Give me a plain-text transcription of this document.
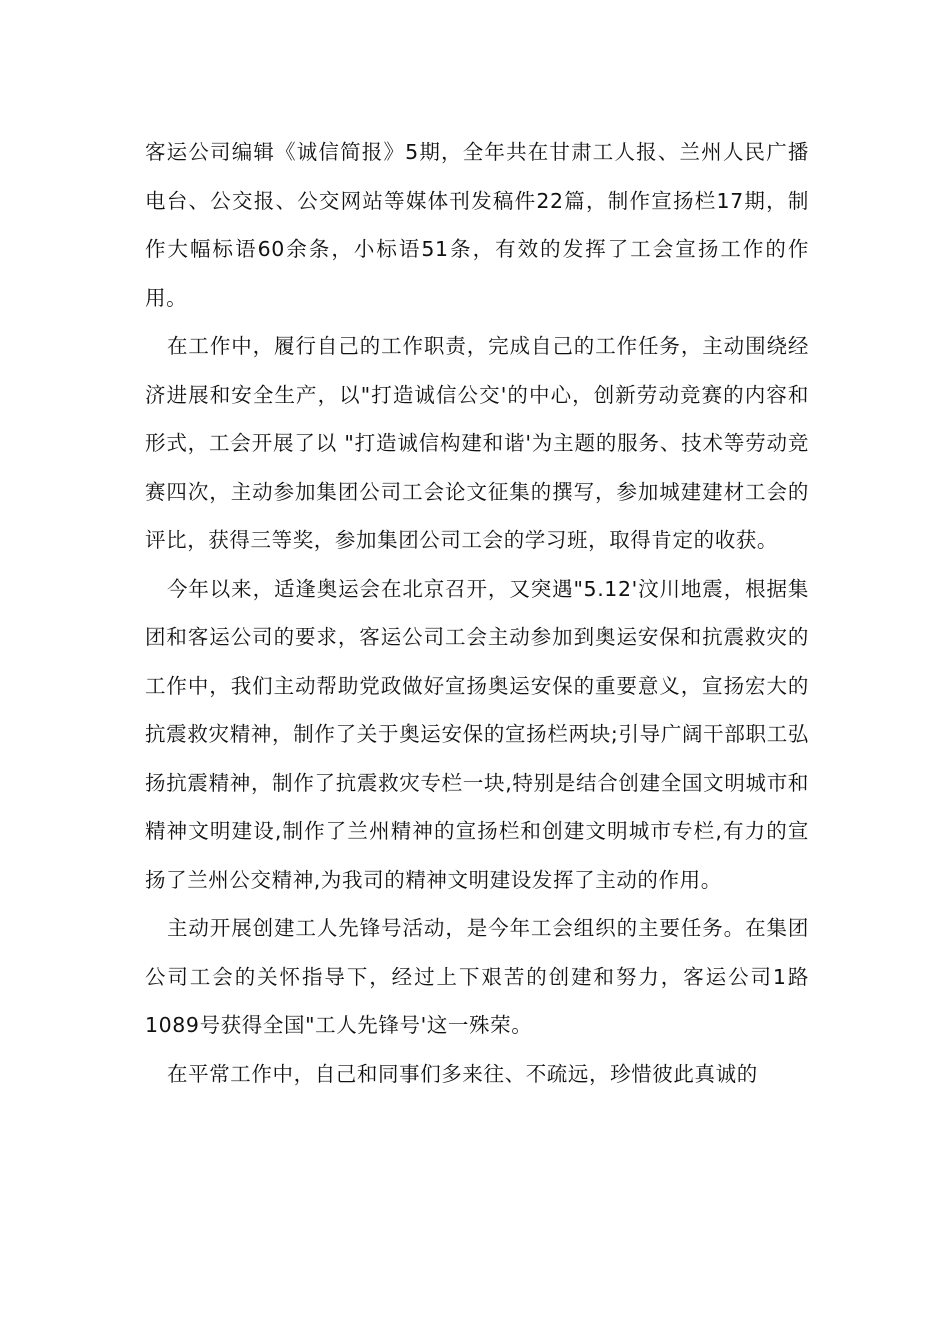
客运公司编辑《诚信简报》5期，全年共在甘肃工人报、兰州人民广播电台、公交报、公交网站等媒体刊发稿件22篇，制作宣扬栏17期，制作大幅标语60余条，小标语51条，有效的发挥了工会宣扬工作的作用。

在工作中，履行自己的工作职责，完成自己的工作任务，主动围绕经济进展和安全生产，以"打造诚信公交'的中心，创新劳动竞赛的内容和形式，工会开展了以 "打造诚信构建和谐'为主题的服务、技术等劳动竞赛四次，主动参加集团公司工会论文征集的撰写，参加城建建材工会的评比，获得三等奖，参加集团公司工会的学习班，取得肯定的收获。

今年以来，适逢奥运会在北京召开，又突遇"5.12'汶川地震，根据集团和客运公司的要求，客运公司工会主动参加到奥运安保和抗震救灾的工作中，我们主动帮助党政做好宣扬奥运安保的重要意义，宣扬宏大的抗震救灾精神，制作了关于奥运安保的宣扬栏两块;引导广阔干部职工弘扬抗震精神，制作了抗震救灾专栏一块,特别是结合创建全国文明城市和精神文明建设,制作了兰州精神的宣扬栏和创建文明城市专栏,有力的宣扬了兰州公交精神,为我司的精神文明建设发挥了主动的作用。

主动开展创建工人先锋号活动，是今年工会组织的主要任务。在集团公司工会的关怀指导下，经过上下艰苦的创建和努力，客运公司1路1089号获得全国"工人先锋号'这一殊荣。

在平常工作中，自己和同事们多来往、不疏远，珍惜彼此真诚的
